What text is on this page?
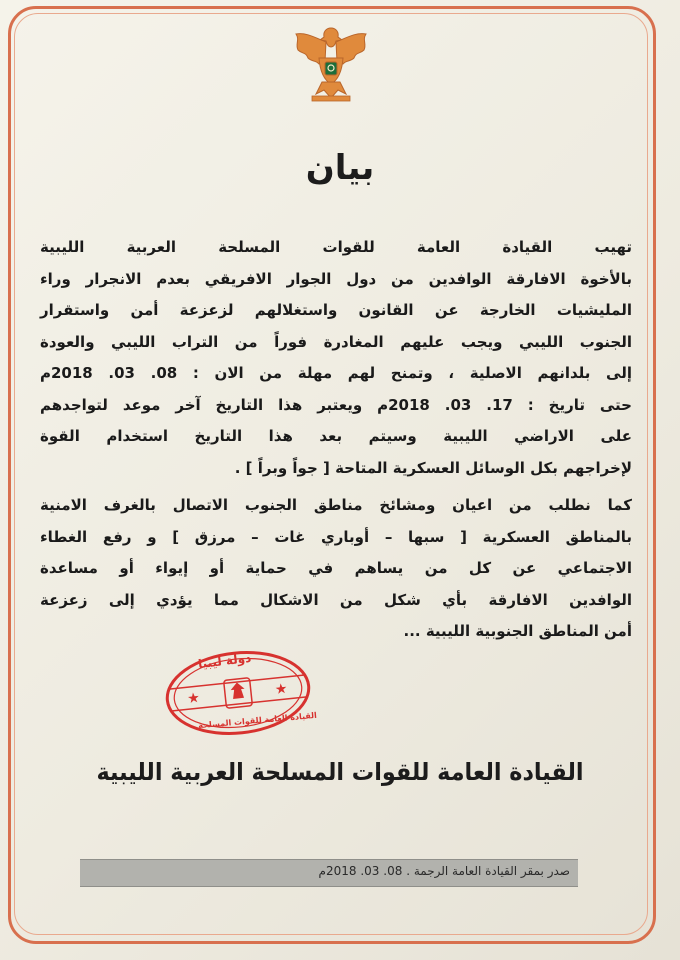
بيان

تهيب القيادة العامة للقوات المسلحة العربية الليبية
بالأخوة الافارقة الوافدين من دول الجوار الافريقي بعدم الانجرار وراء
المليشيات الخارجة عن القانون واستغلالهم لزعزعة أمن واستقرار
الجنوب الليبي ويجب عليهم المغادرة فوراً من التراب الليبي والعودة
إلى بلدانهم الاصلية ، وتمنح لهم مهلة من الان : 08. 03. 2018م
حتى تاريخ : 17. 03. 2018م ويعتبر هذا التاريخ آخر موعد لتواجدهم
على الاراضي الليبية وسيتم بعد هذا التاريخ استخدام القوة
لإخراجهم بكل الوسائل العسكرية المتاحة [ جواً وبراً ] .

كما نطلب من اعيان ومشائخ مناطق الجنوب الاتصال بالغرف الامنية
بالمناطق العسكرية [ سبها – أوباري غات – مرزق ] و رفع الغطاء
الاجتماعي عن كل من يساهم في حماية أو إيواء أو مساعدة
الوافدين الافارقة بأي شكل من الاشكال مما يؤدي إلى زعزعة
أمن المناطق الجنوبية الليبية ...

★
★
دولة ليبيا
القيادة العامة للقوات المسلحة
القيادة العامة للقوات المسلحة العربية الليبية
صدر بمقر القيادة العامة الرجمة . 08. 03. 2018م
